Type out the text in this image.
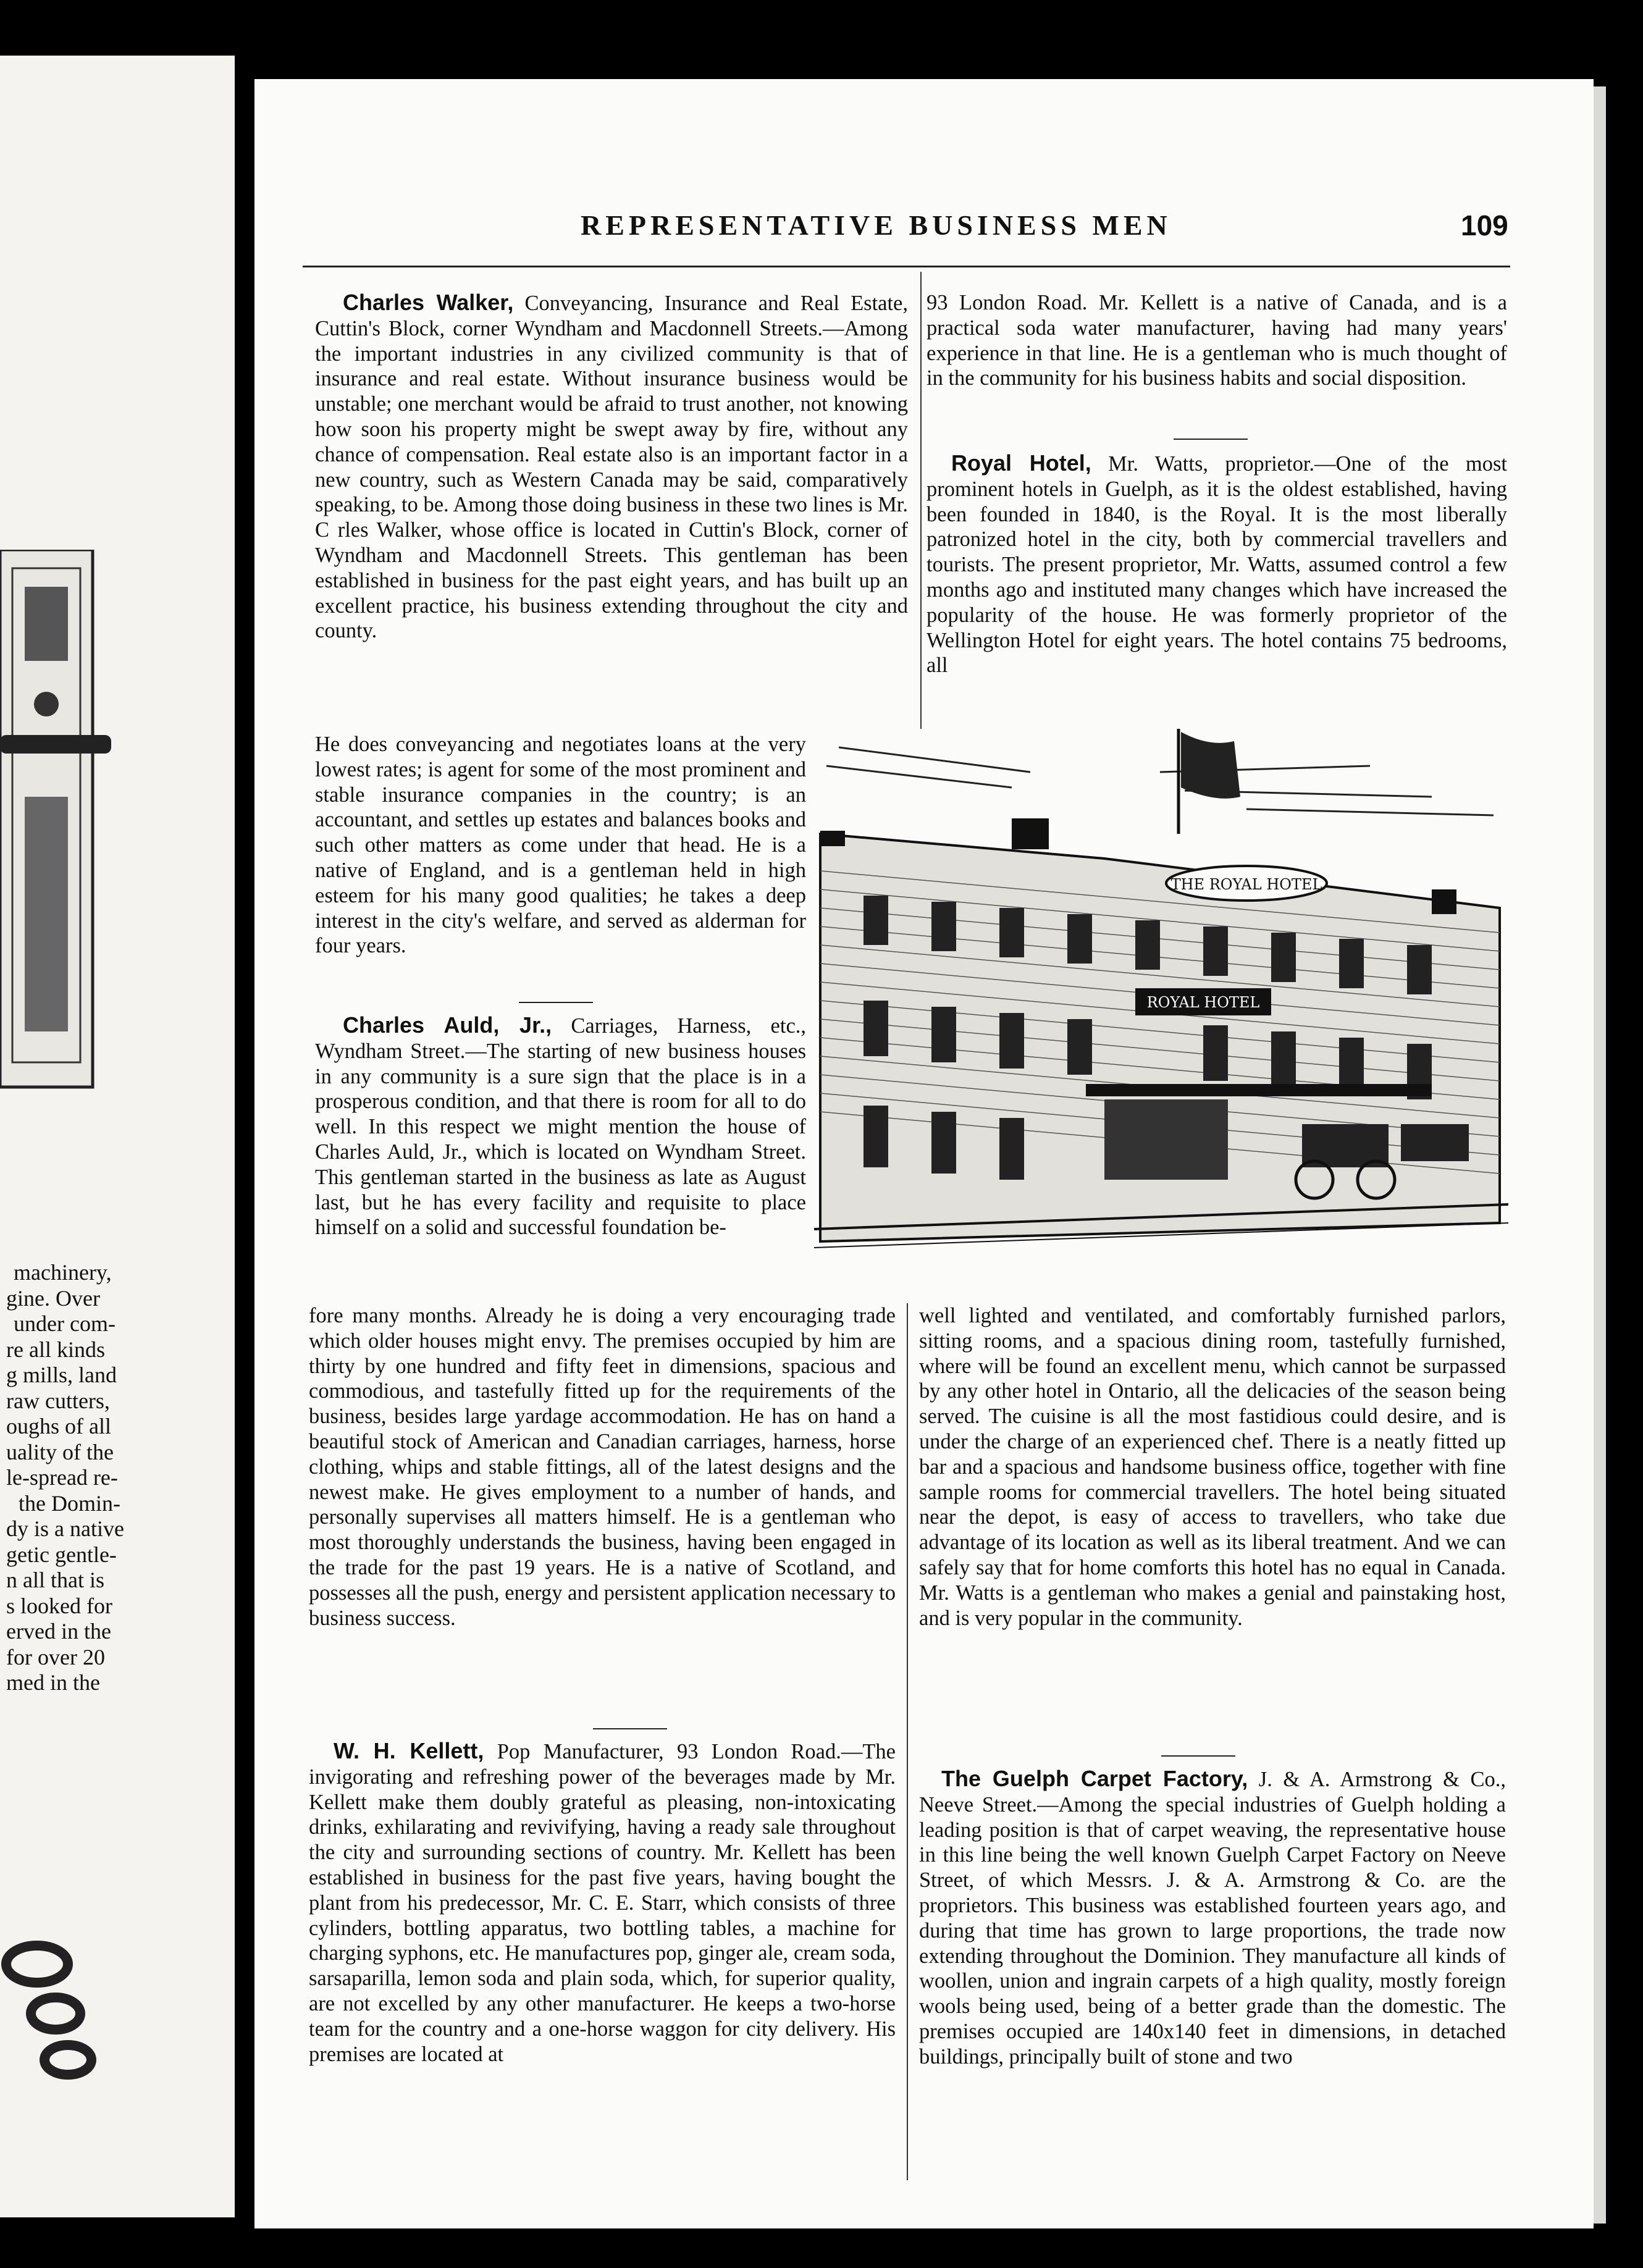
machinery,
gine. Over
under com-
re all kinds
g mills, land
raw cutters,
oughs of all
uality of the
le-spread re-
the Domin-
dy is a native
getic gentle-
n all that is
s looked for
erved in the
for over 20
med in the
REPRESENTATIVE BUSINESS MEN	109

Charles Walker, Conveyancing, Insurance and Real Estate, Cuttin's Block, corner Wyndham and Macdonnell Streets.—Among the important industries in any civilized community is that of insurance and real estate. Without insurance business would be unstable; one merchant would be afraid to trust another, not knowing how soon his property might be swept away by fire, without any chance of compensation. Real estate also is an important factor in a new country, such as Western Canada may be said, comparatively speaking, to be. Among those doing business in these two lines is Mr. C rles Walker, whose office is located in Cuttin's Block, corner of Wyndham and Macdonnell Streets. This gentleman has been established in business for the past eight years, and has built up an excellent practice, his business extending throughout the city and county.

He does conveyancing and negotiates loans at the very lowest rates; is agent for some of the most prominent and stable insurance companies in the country; is an accountant, and settles up estates and balances books and such other matters as come under that head. He is a native of England, and is a gentleman held in high esteem for his many good qualities; he takes a deep interest in the city's welfare, and served as alderman for four years.

Charles Auld, Jr., Carriages, Harness, etc., Wyndham Street.—The starting of new business houses in any community is a sure sign that the place is in a prosperous condition, and that there is room for all to do well. In this respect we might mention the house of Charles Auld, Jr., which is located on Wyndham Street. This gentleman started in the business as late as August last, but he has every facility and requisite to place himself on a solid and successful foundation be-

fore many months. Already he is doing a very encouraging trade which older houses might envy. The premises occupied by him are thirty by one hundred and fifty feet in dimensions, spacious and commodious, and tastefully fitted up for the requirements of the business, besides large yardage accommodation. He has on hand a beautiful stock of American and Canadian carriages, harness, horse clothing, whips and stable fittings, all of the latest designs and the newest make. He gives employment to a number of hands, and personally supervises all matters himself. He is a gentleman who most thoroughly understands the business, having been engaged in the trade for the past 19 years. He is a native of Scotland, and possesses all the push, energy and persistent application necessary to business success.

W. H. Kellett, Pop Manufacturer, 93 London Road.—The invigorating and refreshing power of the beverages made by Mr. Kellett make them doubly grateful as pleasing, non-intoxicating drinks, exhilarating and revivifying, having a ready sale throughout the city and surrounding sections of country. Mr. Kellett has been established in business for the past five years, having bought the plant from his predecessor, Mr. C. E. Starr, which consists of three cylinders, bottling apparatus, two bottling tables, a machine for charging syphons, etc. He manufactures pop, ginger ale, cream soda, sarsaparilla, lemon soda and plain soda, which, for superior quality, are not excelled by any other manufacturer. He keeps a two-horse team for the country and a one-horse waggon for city delivery. His premises are located at

93 London Road. Mr. Kellett is a native of Canada, and is a practical soda water manufacturer, having had many years' experience in that line. He is a gentleman who is much thought of in the community for his business habits and social disposition.

Royal Hotel, Mr. Watts, proprietor.—One of the most prominent hotels in Guelph, as it is the oldest established, having been founded in 1840, is the Royal. It is the most liberally patronized hotel in the city, both by commercial travellers and tourists. The present proprietor, Mr. Watts, assumed control a few months ago and instituted many changes which have increased the popularity of the house. He was formerly proprietor of the Wellington Hotel for eight years. The hotel contains 75 bedrooms, all

THE ROYAL HOTEL
ROYAL HOTEL

well lighted and ventilated, and comfortably furnished parlors, sitting rooms, and a spacious dining room, tastefully furnished, where will be found an excellent menu, which cannot be surpassed by any other hotel in Ontario, all the delicacies of the season being served. The cuisine is all the most fastidious could desire, and is under the charge of an experienced chef. There is a neatly fitted up bar and a spacious and handsome business office, together with fine sample rooms for commercial travellers. The hotel being situated near the depot, is easy of access to travellers, who take due advantage of its location as well as its liberal treatment. And we can safely say that for home comforts this hotel has no equal in Canada. Mr. Watts is a gentleman who makes a genial and painstaking host, and is very popular in the community.

The Guelph Carpet Factory, J. & A. Armstrong & Co., Neeve Street.—Among the special industries of Guelph holding a leading position is that of carpet weaving, the representative house in this line being the well known Guelph Carpet Factory on Neeve Street, of which Messrs. J. & A. Armstrong & Co. are the proprietors. This business was established fourteen years ago, and during that time has grown to large proportions, the trade now extending throughout the Dominion. They manufacture all kinds of woollen, union and ingrain carpets of a high quality, mostly foreign wools being used, being of a better grade than the domestic. The premises occupied are 140x140 feet in dimensions, in detached buildings, principally built of stone and two
